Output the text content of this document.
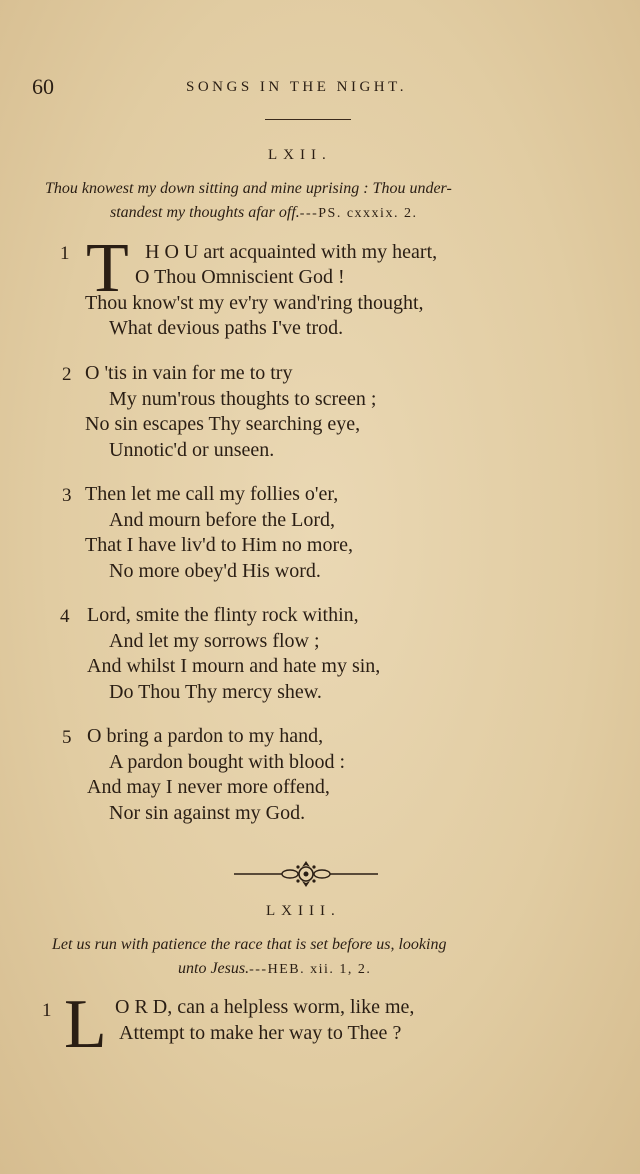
60	SONGS IN THE NIGHT.
LXII.
Thou knowest my down sitting and mine uprising : Thou under-
standest my thoughts afar off.---PS. cxxxix. 2.
1 T H O U art acquainted with my heart,
O Thou Omniscient God !
Thou know'st my ev'ry wand'ring thought,
What devious paths I've trod.
2 O 'tis in vain for me to try
My num'rous thoughts to screen ;
No sin escapes Thy searching eye,
Unnotic'd or unseen.
3 Then let me call my follies o'er,
And mourn before the Lord,
That I have liv'd to Him no more,
No more obey'd His word.
4 Lord, smite the flinty rock within,
And let my sorrows flow ;
And whilst I mourn and hate my sin,
Do Thou Thy mercy shew.
5 O bring a pardon to my hand,
A pardon bought with blood :
And may I never more offend,
Nor sin against my God.
LXIII.
Let us run with patience the race that is set before us, looking
unto Jesus.---HEB. xii. 1, 2.
1 L O R D, can a helpless worm, like me,
Attempt to make her way to Thee ?
